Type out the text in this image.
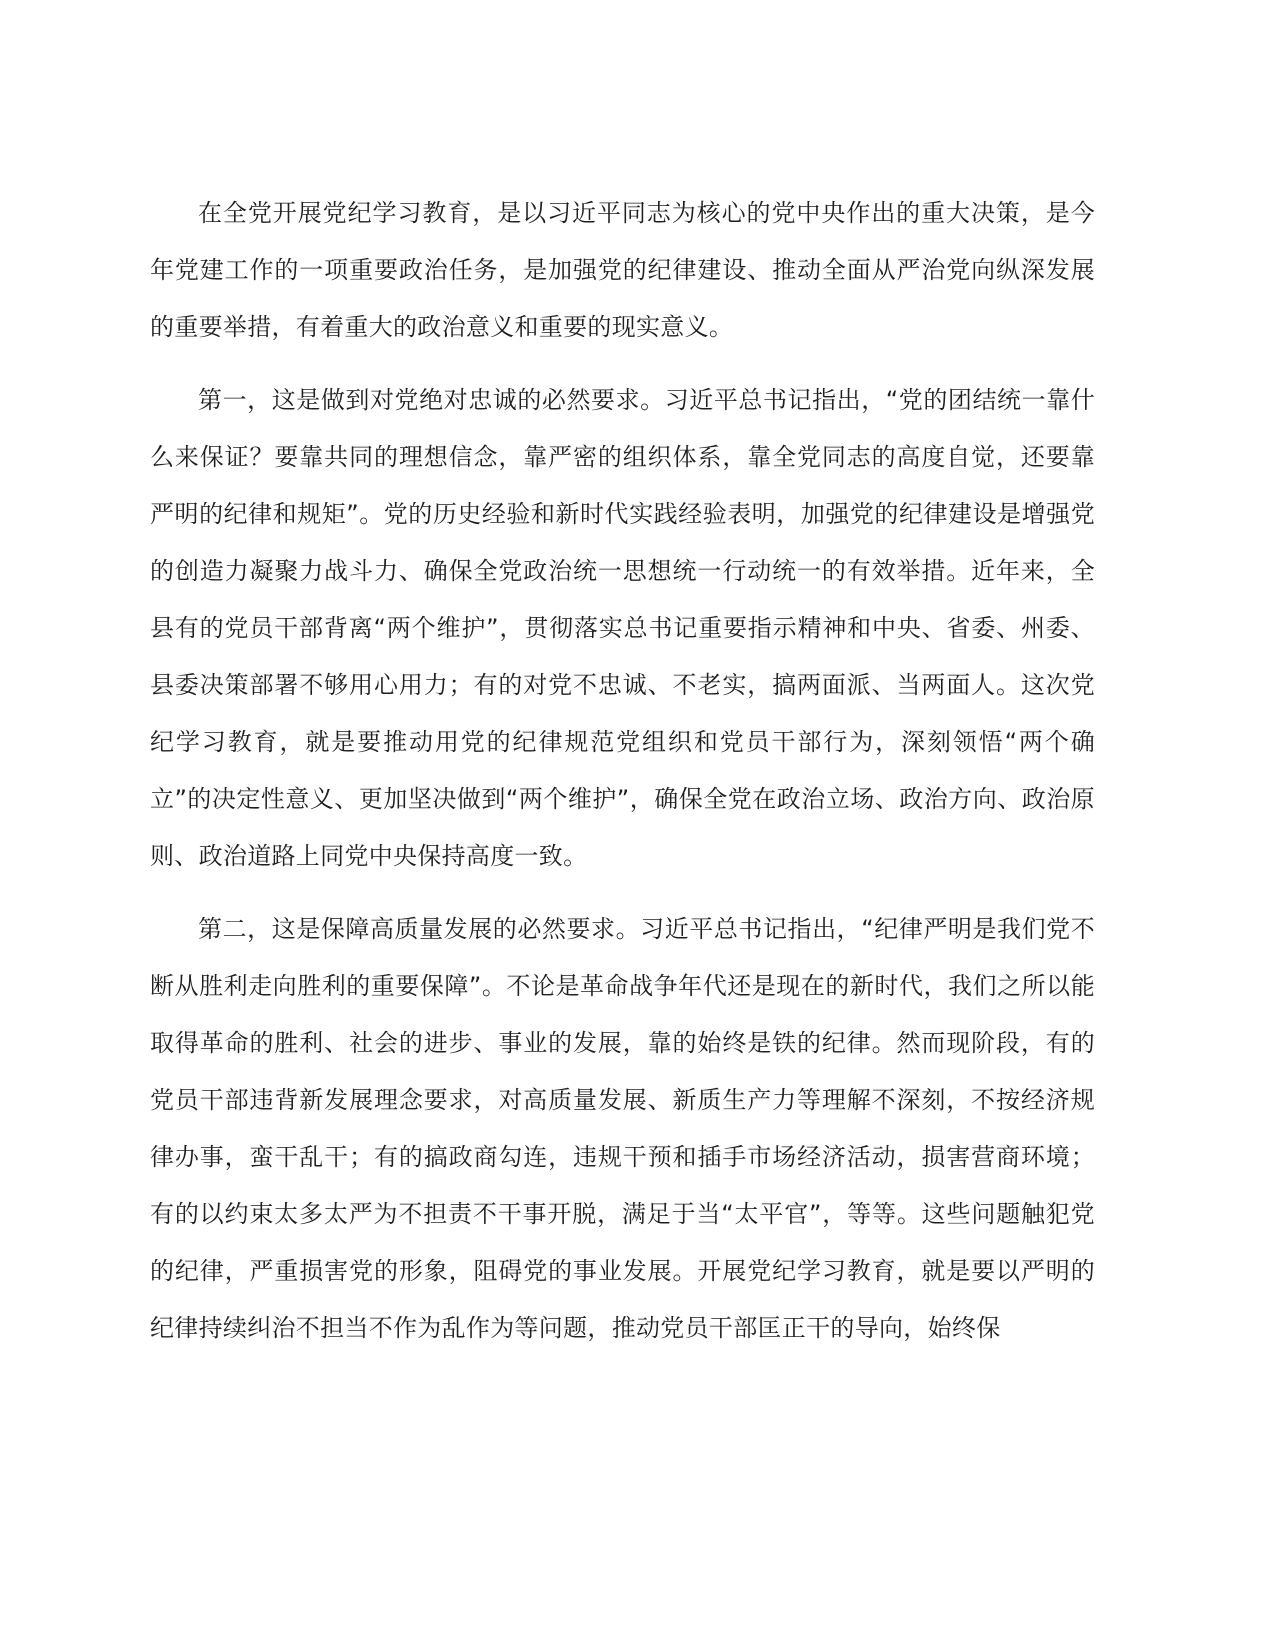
在全党开展党纪学习教育，是以习近平同志为核心的党中央作出的重大决策，是今年党建工作的一项重要政治任务，是加强党的纪律建设、推动全面从严治党向纵深发展的重要举措，有着重大的政治意义和重要的现实意义。

第一，这是做到对党绝对忠诚的必然要求。习近平总书记指出，“党的团结统一靠什么来保证？要靠共同的理想信念，靠严密的组织体系，靠全党同志的高度自觉，还要靠严明的纪律和规矩”。党的历史经验和新时代实践经验表明，加强党的纪律建设是增强党的创造力凝聚力战斗力、确保全党政治统一思想统一行动统一的有效举措。近年来，全县有的党员干部背离“两个维护”，贯彻落实总书记重要指示精神和中央、省委、州委、县委决策部署不够用心用力；有的对党不忠诚、不老实，搞两面派、当两面人。这次党纪学习教育，就是要推动用党的纪律规范党组织和党员干部行为，深刻领悟“两个确立”的决定性意义、更加坚决做到“两个维护”，确保全党在政治立场、政治方向、政治原则、政治道路上同党中央保持高度一致。

第二，这是保障高质量发展的必然要求。习近平总书记指出，“纪律严明是我们党不断从胜利走向胜利的重要保障”。不论是革命战争年代还是现在的新时代，我们之所以能取得革命的胜利、社会的进步、事业的发展，靠的始终是铁的纪律。然而现阶段，有的党员干部违背新发展理念要求，对高质量发展、新质生产力等理解不深刻，不按经济规律办事，蛮干乱干；有的搞政商勾连，违规干预和插手市场经济活动，损害营商环境；有的以约束太多太严为不担责不干事开脱，满足于当“太平官”，等等。这些问题触犯党的纪律，严重损害党的形象，阻碍党的事业发展。开展党纪学习教育，就是要以严明的纪律持续纠治不担当不作为乱作为等问题，推动党员干部匡正干的导向，始终保
